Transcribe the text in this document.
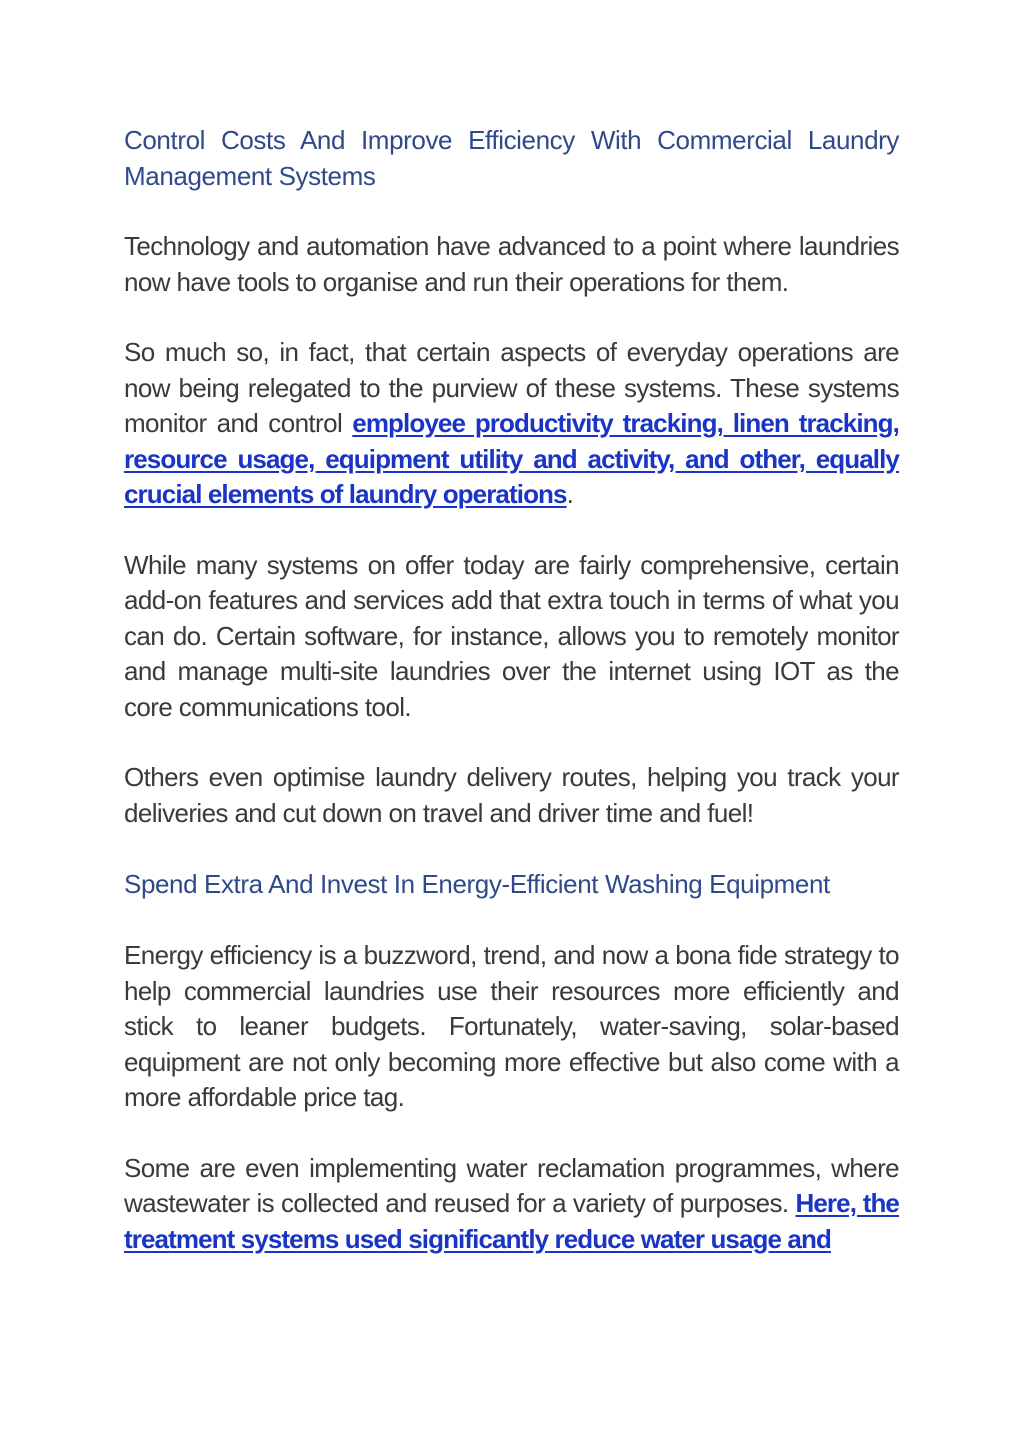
Control Costs And Improve Efficiency With Commercial Laundry Management Systems

Technology and automation have advanced to a point where laundries now have tools to organise and run their operations for them.

So much so, in fact, that certain aspects of everyday operations are now being relegated to the purview of these systems. These systems monitor and control employee productivity tracking, linen tracking, resource usage, equipment utility and activity, and other, equally crucial elements of laundry operations.

While many systems on offer today are fairly comprehensive, certain add-on features and services add that extra touch in terms of what you can do. Certain software, for instance, allows you to remotely monitor and manage multi-site laundries over the internet using IOT as the core communications tool.

Others even optimise laundry delivery routes, helping you track your deliveries and cut down on travel and driver time and fuel!

Spend Extra And Invest In Energy-Efficient Washing Equipment

Energy efficiency is a buzzword, trend, and now a bona fide strategy to help commercial laundries use their resources more efficiently and stick to leaner budgets. Fortunately, water-saving, solar-based equipment are not only becoming more effective but also come with a more affordable price tag.

Some are even implementing water reclamation programmes, where wastewater is collected and reused for a variety of purposes. Here, the treatment systems used significantly reduce water usage and
